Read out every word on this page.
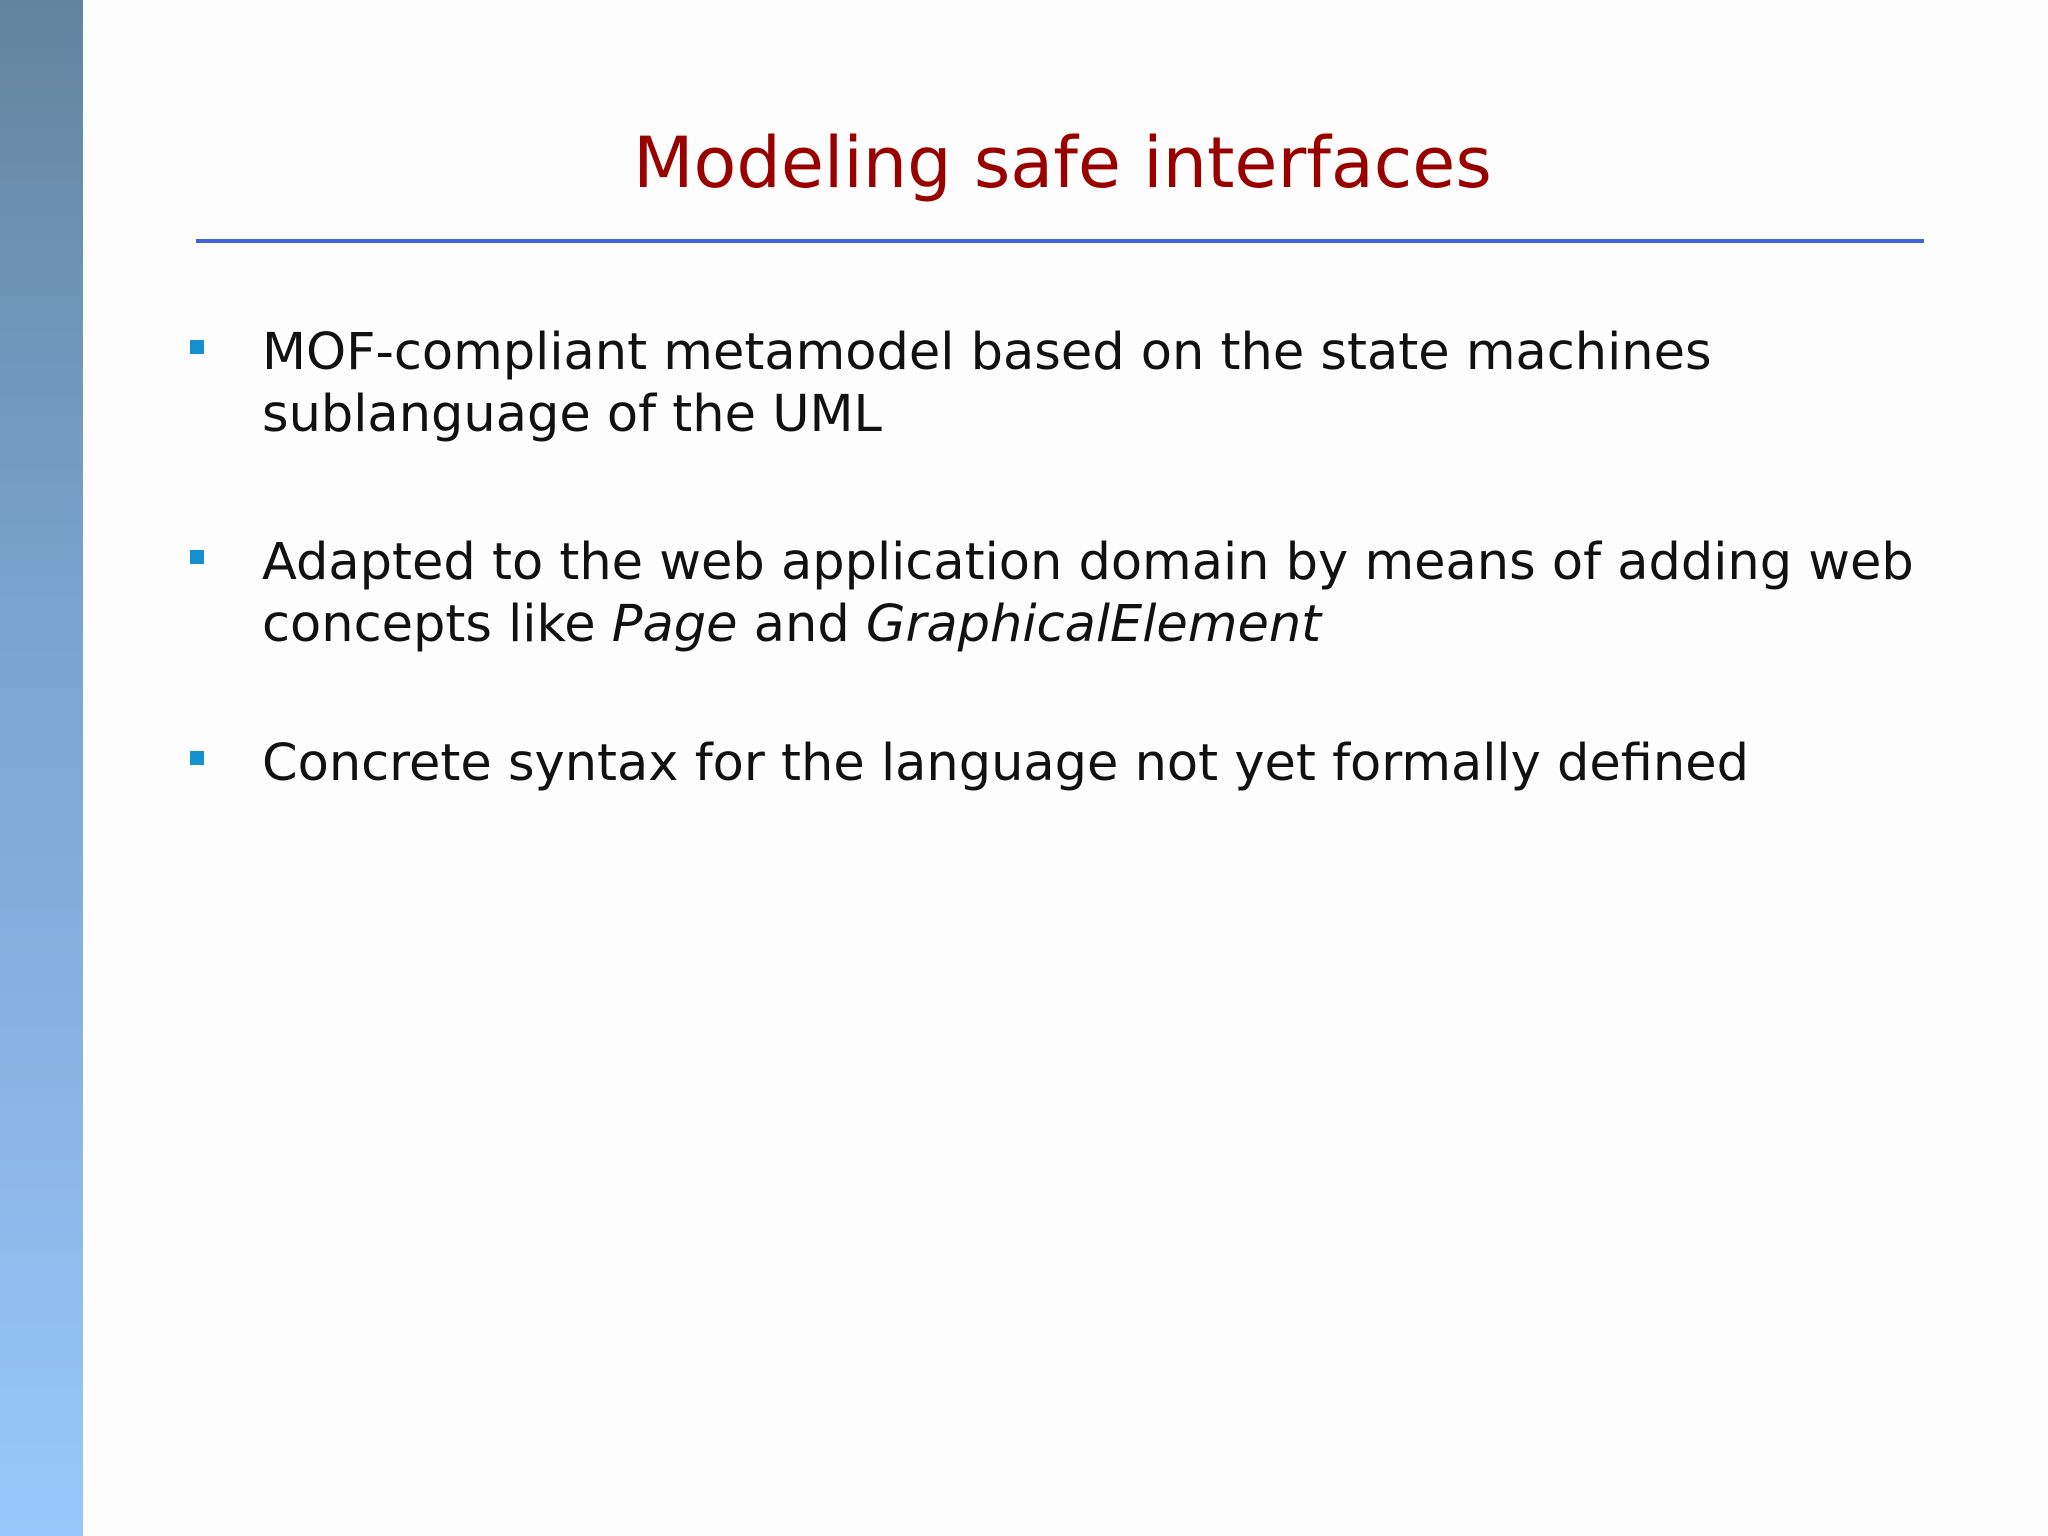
Modeling safe interfaces
MOF-compliant metamodel based on the state machines
sublanguage of the UML
Adapted to the web application domain by means of adding web
concepts like Page and GraphicalElement
Concrete syntax for the language not yet formally defined
